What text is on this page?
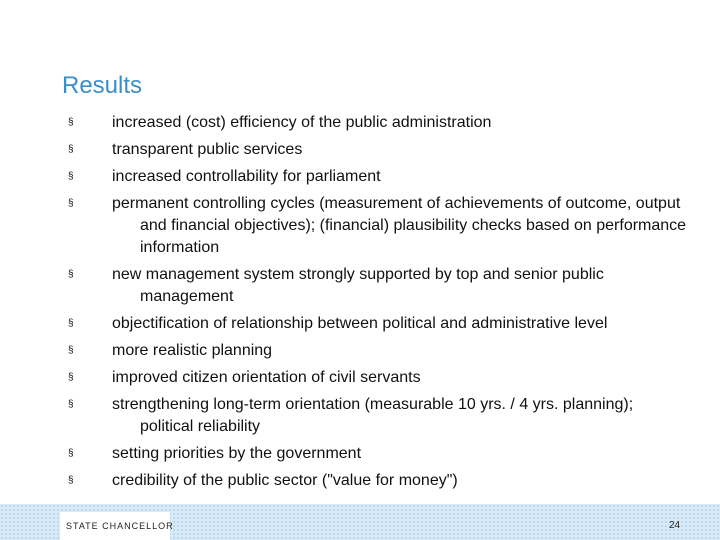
Results
§ increased (cost) efficiency of the public administration
§ transparent public services
§ increased controllability for parliament
§ permanent controlling cycles (measurement of achievements of outcome, output and financial objectives); (financial) plausibility checks based on performance information
§ new management system strongly supported by top and senior public management
§ objectification of relationship between political and administrative level
§ more realistic planning
§ improved citizen orientation of civil servants
§ strengthening long-term orientation (measurable 10 yrs. / 4 yrs. planning); political reliability
§ setting priorities by the government
§ credibility of the public sector ("value for money")
STATE CHANCELLOR	24
